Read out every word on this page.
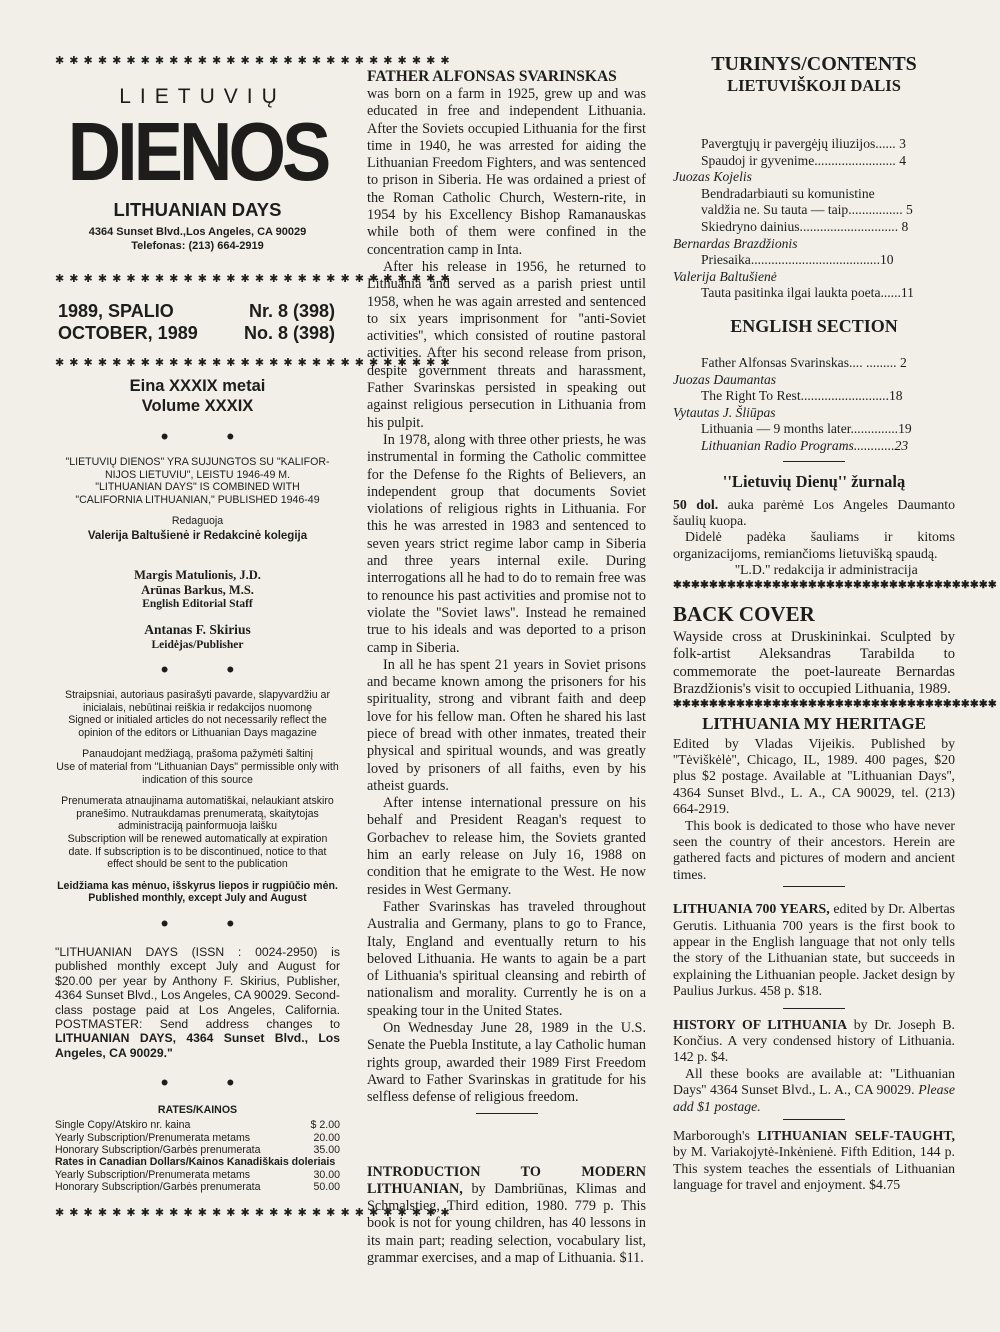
✱ ✱ ✱ ✱ ✱ ✱ ✱ ✱ ✱ ✱ ✱ ✱ ✱ ✱ ✱ ✱ ✱ ✱ ✱ ✱ ✱ ✱ ✱ ✱ ✱ ✱ ✱ ✱
LIETUVIŲ
DIENOS
LITHUANIAN DAYS
4364 Sunset Blvd.,Los Angeles, CA 90029
Telefonas: (213) 664-2919
✱ ✱ ✱ ✱ ✱ ✱ ✱ ✱ ✱ ✱ ✱ ✱ ✱ ✱ ✱ ✱ ✱ ✱ ✱ ✱ ✱ ✱ ✱ ✱ ✱ ✱ ✱ ✱
1989, SPALIO	Nr. 8 (398)
OCTOBER, 1989	No. 8 (398)
✱ ✱ ✱ ✱ ✱ ✱ ✱ ✱ ✱ ✱ ✱ ✱ ✱ ✱ ✱ ✱ ✱ ✱ ✱ ✱ ✱ ✱ ✱ ✱ ✱ ✱ ✱ ✱
Eina XXXIX metai
Volume XXXIX
• •

"LIETUVIŲ DIENOS" YRA SUJUNGTOS SU "KALIFOR-NIJOS LIETUVIU", LEISTU 1946-49 M.

"LITHUANIAN DAYS" IS COMBINED WITH "CALIFORNIA LITHUANIAN," PUBLISHED 1946-49

Redaguoja

Valerija Baltušienė ir Redakcinė kolegija

Margis Matulionis, J.D.

Arūnas Barkus, M.S.

English Editorial Staff

Antanas F. Skirius

Leidėjas/Publisher

• •

Straipsniai, autoriaus pasirašyti pavarde, slapyvardžiu ar inicialais, nebūtinai reiškia ir redakcijos nuomonę

Signed or initialed articles do not necessarily reflect the opinion of the editors or Lithuanian Days magazine

Panaudojant medžiagą, prašoma pažymėti šaltinį

Use of material from "Lithuanian Days" permissible only with indication of this source

Prenumerata atnaujinama automatiškai, nelaukiant atskiro pranešimo. Nutraukdamas prenumeratą, skaitytojas administraciją painformuoja laišku

Subscription will be renewed automatically at expiration date. If subscription is to be discontinued, notice to that effect should be sent to the publication

Leidžiama kas mėnuo, išskyrus liepos ir rugpiūčio mėn.

Published monthly, except July and August

• •

"LITHUANIAN DAYS (ISSN : 0024-2950) is published monthly except July and August for $20.00 per year by Anthony F. Skirius, Publisher, 4364 Sunset Blvd., Los Angeles, CA 90029. Second-class postage paid at Los Angeles, California. POSTMASTER: Send address changes to LITHUANIAN DAYS, 4364 Sunset Blvd., Los Angeles, CA 90029."

• •

RATES/KAINOS

Single Copy/Atskiro nr. kaina	$ 2.00
Yearly Subscription/Prenumerata metams	20.00
Honorary Subscription/Garbės prenumerata	35.00

Rates in Canadian Dollars/Kainos Kanadiškais doleriais

Yearly Subscription/Prenumerata metams	30.00
Honorary Subscription/Garbės prenumerata	50.00
✱ ✱ ✱ ✱ ✱ ✱ ✱ ✱ ✱ ✱ ✱ ✱ ✱ ✱ ✱ ✱ ✱ ✱ ✱ ✱ ✱ ✱ ✱ ✱ ✱ ✱ ✱ ✱
FATHER ALFONSAS SVARINSKAS

was born on a farm in 1925, grew up and was educated in free and independent Lithuania. After the Soviets occupied Lithuania for the first time in 1940, he was arrested for aiding the Lithuanian Freedom Fighters, and was sentenced to prison in Siberia. He was ordained a priest of the Roman Catholic Church, Western-rite, in 1954 by his Excellency Bishop Ramanauskas while both of them were confined in the concentration camp in Inta.

After his release in 1956, he returned to Lithuania and served as a parish priest until 1958, when he was again arrested and sentenced to six years imprisonment for ''anti-Soviet activities'', which consisted of routine pastoral activities. After his second release from prison, despite government threats and harassment, Father Svarinskas persisted in speaking out against religious persecution in Lithuania from his pulpit.

In 1978, along with three other priests, he was instrumental in forming the Catholic committee for the Defense fo the Rights of Believers, an independent group that documents Soviet violations of religious rights in Lithuania. For this he was arrested in 1983 and sentenced to seven years strict regime labor camp in Siberia and three years internal exile. During interrogations all he had to do to remain free was to renounce his past activities and promise not to violate the ''Soviet laws''. Instead he remained true to his ideals and was deported to a prison camp in Siberia.

In all he has spent 21 years in Soviet prisons and became known among the prisoners for his spirituality, strong and vibrant faith and deep love for his fellow man. Often he shared his last piece of bread with other inmates, treated their physical and spiritual wounds, and was greatly loved by prisoners of all faiths, even by his atheist guards.

After intense international pressure on his behalf and President Reagan's request to Gorbachev to release him, the Soviets granted him an early release on July 16, 1988 on condition that he emigrate to the West. He now resides in West Germany.

Father Svarinskas has traveled throughout Australia and Germany, plans to go to France, Italy, England and eventually return to his beloved Lithuania. He wants to again be a part of Lithuania's spiritual cleansing and rebirth of nationalism and morality. Currently he is on a speaking tour in the United States.

On Wednesday June 28, 1989 in the U.S. Senate the Puebla Institute, a lay Catholic human rights group, awarded their 1989 First Freedom Award to Father Svarinskas in gratitude for his selfless defense of religious freedom.

INTRODUCTION TO MODERN LITHUANIAN, by Dambriūnas, Klimas and Schmalstieg, Third edition, 1980. 779 p. This book is not for young children, has 40 lessons in its main part; reading selection, vocabulary list, grammar exercises, and a map of Lithuania. $11.

TURINYS/CONTENTS
LIETUVIŠKOJI DALIS
Pavergtųjų ir pavergėjų iliuzijos...... 3
Spaudoj ir gyvenime........................ 4
Juozas Kojelis
Bendradarbiauti su komunistine
valdžia ne. Su tauta — taip................ 5
Skiedryno dainius............................. 8
Bernardas Brazdžionis
Priesaika......................................10
Valerija Baltušienė
Tauta pasitinka ilgai laukta poeta......11
ENGLISH SECTION
Father Alfonsas Svarinskas.... ......... 2
Juozas Daumantas
The Right To Rest..........................18
Vytautas J. Šliūpas
Lithuania — 9 months later..............19
Lithuanian Radio Programs............23
''Lietuvių Dienų'' žurnalą

50 dol. auka parėmė Los Angeles Daumanto šaulių kuopa.

Didelė padėka šauliams ir kitoms organizacijoms, remiančioms lietuvišką spaudą.

''L.D.'' redakcija ir administracija

✱✱✱✱✱✱✱✱✱✱✱✱✱✱✱✱✱✱✱✱✱✱✱✱✱✱✱✱✱✱✱✱✱✱✱✱
BACK COVER

Wayside cross at Druskininkai. Sculpted by folk-artist Aleksandras Tarabilda to commemorate the poet-laureate Bernardas Brazdžionis's visit to occupied Lithuania, 1989.

✱✱✱✱✱✱✱✱✱✱✱✱✱✱✱✱✱✱✱✱✱✱✱✱✱✱✱✱✱✱✱✱✱✱✱✱
LITHUANIA MY HERITAGE

Edited by Vladas Vijeikis. Published by ''Tėviškėlė'', Chicago, IL, 1989. 400 pages, $20 plus $2 postage. Available at ''Lithuanian Days'', 4364 Sunset Blvd., L. A., CA 90029, tel. (213) 664-2919.

This book is dedicated to those who have never seen the country of their ancestors. Herein are gathered facts and pictures of modern and ancient times.

LITHUANIA 700 YEARS, edited by Dr. Albertas Gerutis. Lithuania 700 years is the first book to appear in the English language that not only tells the story of the Lithuanian state, but succeeds in explaining the Lithuanian people. Jacket design by Paulius Jurkus. 458 p. $18.

HISTORY OF LITHUANIA by Dr. Joseph B. Končius. A very condensed history of Lithuania. 142 p. $4.

All these books are available at: ''Lithuanian Days'' 4364 Sunset Blvd., L. A., CA 90029. Please add $1 postage.

Marborough's LITHUANIAN SELF-TAUGHT, by M. Variakojytė-Inkėnienė. Fifth Edition, 144 p. This system teaches the essentials of Lithuanian language for travel and enjoyment. $4.75
